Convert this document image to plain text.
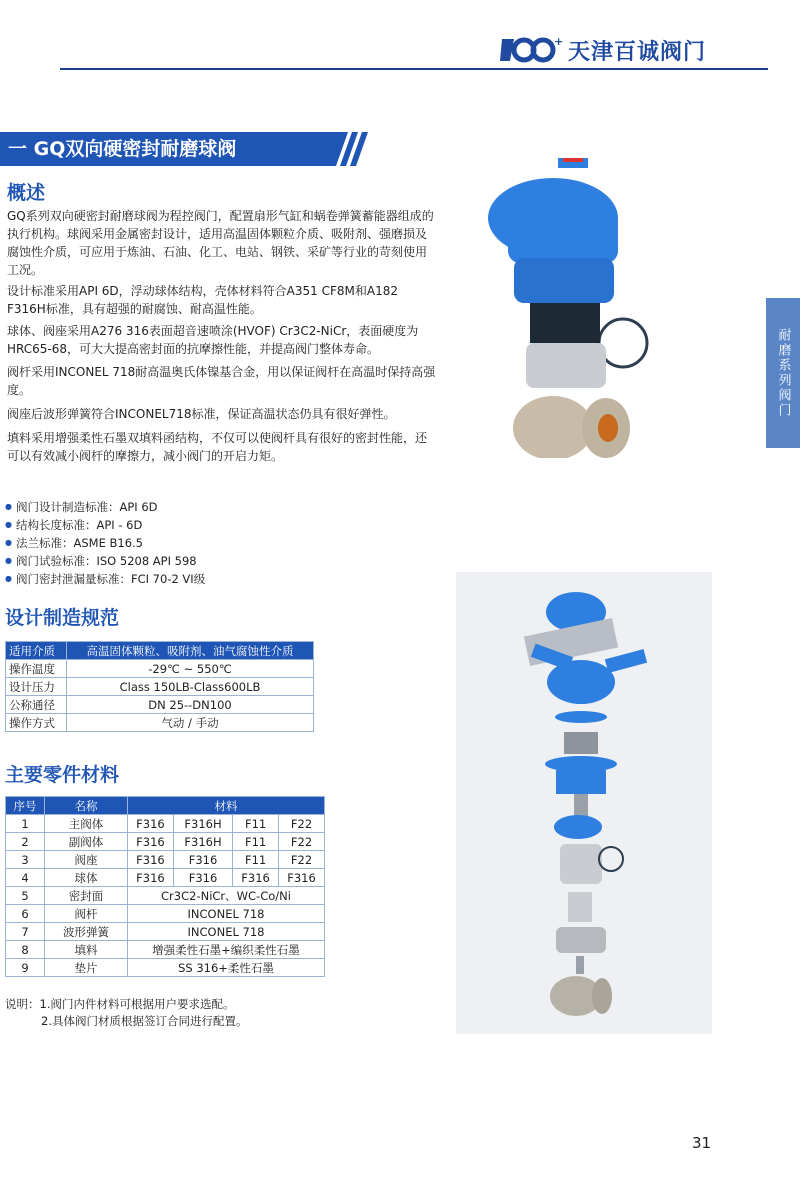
+ 天津百诚阀门
一 GQ双向硬密封耐磨球阀
概述
GQ系列双向硬密封耐磨球阀为程控阀门，配置扇形气缸和蜗卷弹簧蓄能器组成的执行机构。球阀采用金属密封设计，适用高温固体颗粒介质、吸附剂、强磨损及腐蚀性介质，可应用于炼油、石油、化工、电站、钢铁、采矿等行业的苛刻使用工况。
设计标准采用API 6D，浮动球体结构，壳体材料符合A351 CF8M和A182 F316H标准，具有超强的耐腐蚀、耐高温性能。
球体、阀座采用A276 316表面超音速喷涂(HVOF) Cr3C2-NiCr，表面硬度为HRC65-68，可大大提高密封面的抗摩擦性能，并提高阀门整体寿命。
阀杆采用INCONEL 718耐高温奥氏体镍基合金，用以保证阀杆在高温时保持高强度。
阀座后波形弹簧符合INCONEL718标准，保证高温状态仍具有很好弹性。
填料采用增强柔性石墨双填料函结构，不仅可以使阀杆具有很好的密封性能，还可以有效减小阀杆的摩擦力，减小阀门的开启力矩。
耐磨系列阀门
● 阀门设计制造标准：API 6D
● 结构长度标准：API - 6D
● 法兰标准：ASME B16.5
● 阀门试验标准：ISO 5208 API 598
● 阀门密封泄漏量标准：FCI 70-2 VI级
设计制造规范
适用介质	高温固体颗粒、吸附剂、油气腐蚀性介质
操作温度	-29℃ ~ 550℃
设计压力	Class 150LB-Class600LB
公称通径	DN 25--DN100
操作方式	气动 / 手动
主要零件材料
序号	名称	材料			
1	主阀体	F316	F316H	F11	F22
2	副阀体	F316	F316H	F11	F22
3	阀座	F316	F316	F11	F22
4	球体	F316	F316	F316	F316
5	密封面	Cr3C2-NiCr、WC-Co/Ni			
6	阀杆	INCONEL 718			
7	波形弹簧	INCONEL 718			
8	填料	增强柔性石墨+编织柔性石墨			
9	垫片	SS 316+柔性石墨			
说明：1.阀门内件材料可根据用户要求选配。
2.具体阀门材质根据签订合同进行配置。
31
